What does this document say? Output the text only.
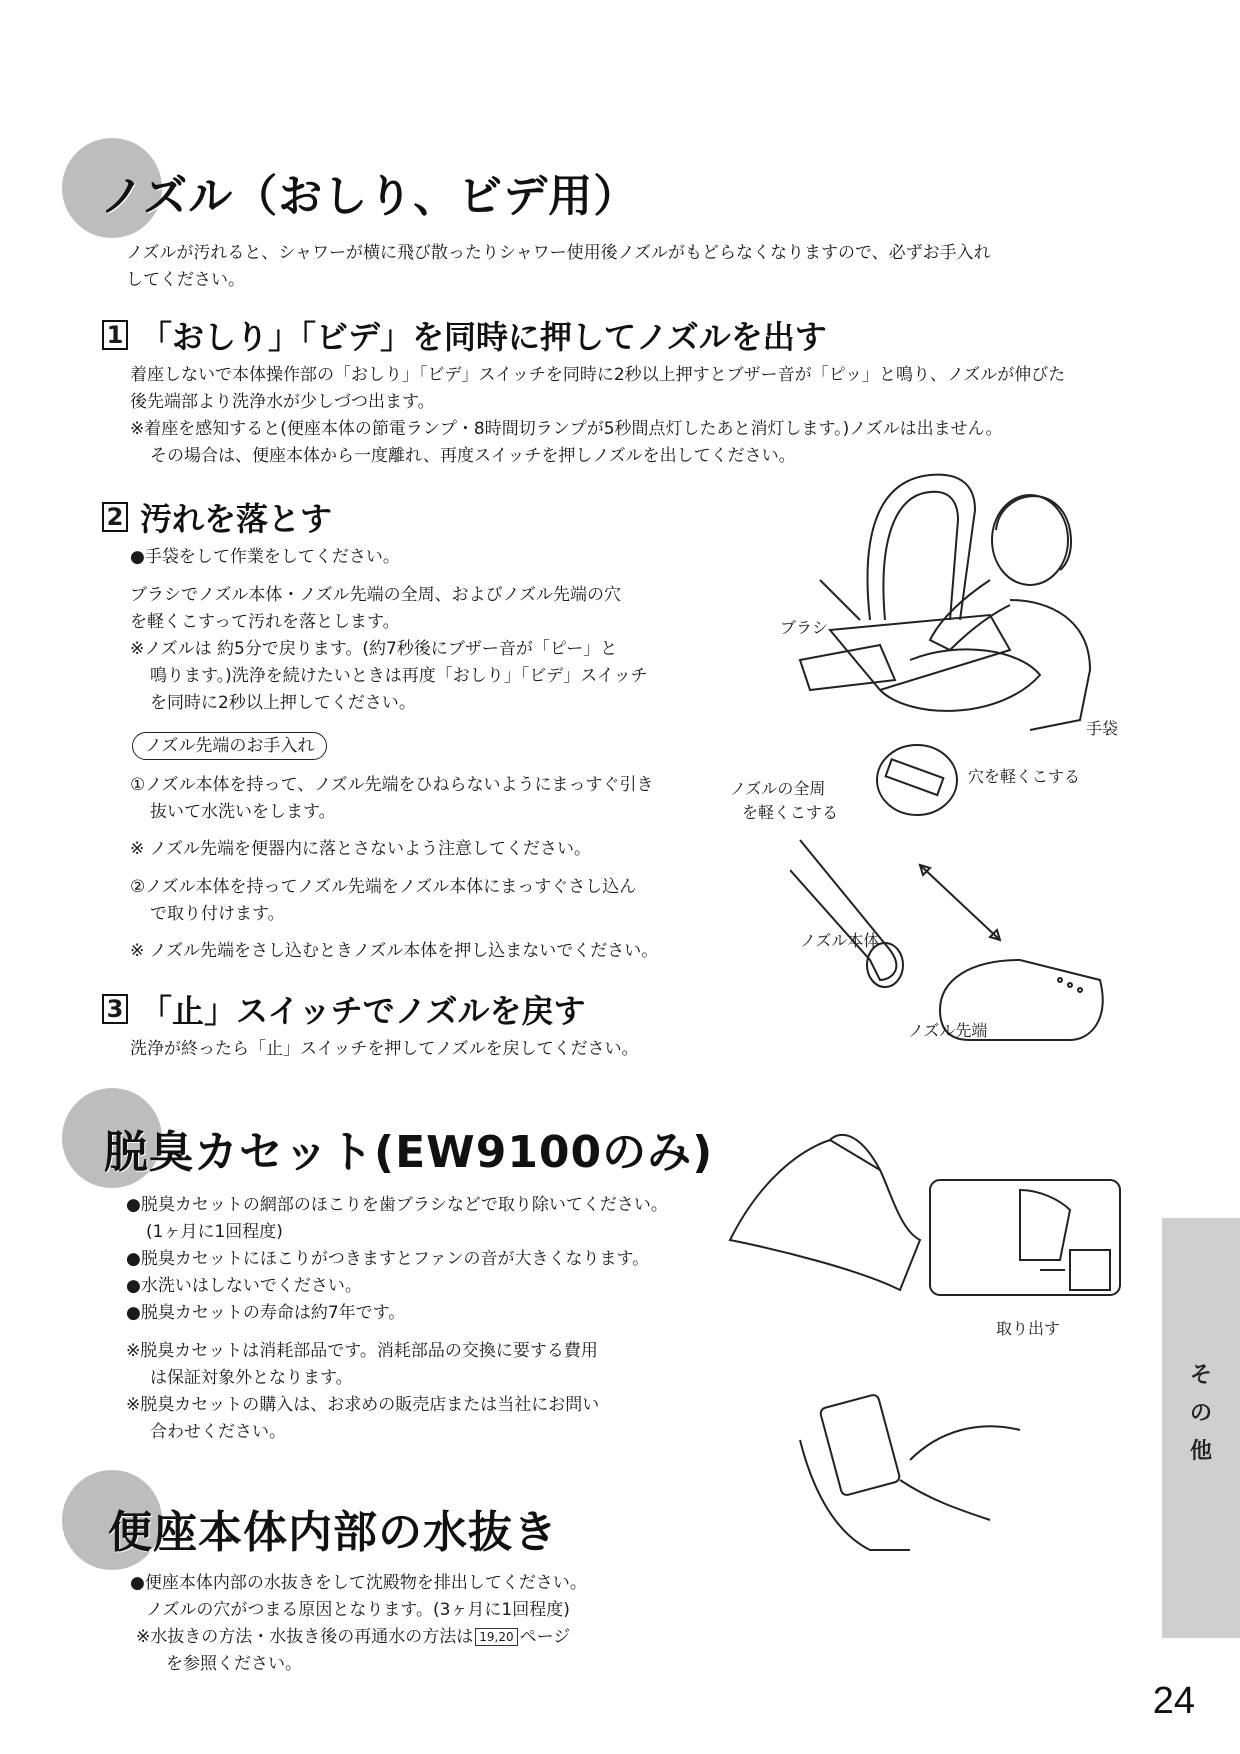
ノズル（おしり、ビデ用）
ノズルが汚れると、シャワーが横に飛び散ったりシャワー使用後ノズルがもどらなくなりますので、必ずお手入れ
してください。
1 「おしり」「ビデ」を同時に押してノズルを出す
着座しないで本体操作部の「おしり」「ビデ」スイッチを同時に2秒以上押すとブザー音が「ピッ」と鳴り、ノズルが伸びた
後先端部より洗浄水が少しづつ出ます。
※着座を感知すると(便座本体の節電ランプ・8時間切ランプが5秒間点灯したあと消灯します。)ノズルは出ません。
その場合は、便座本体から一度離れ、再度スイッチを押しノズルを出してください。
2 汚れを落とす
●手袋をして作業をしてください。
ブラシでノズル本体・ノズル先端の全周、およびノズル先端の穴
を軽くこすって汚れを落とします。
※ノズルは 約5分で戻ります。(約7秒後にブザー音が「ピー」と
鳴ります。)洗浄を続けたいときは再度「おしり」「ビデ」スイッチ
を同時に2秒以上押してください。
ノズル先端のお手入れ
①ノズル本体を持って、ノズル先端をひねらないようにまっすぐ引き
抜いて水洗いをします。
※ ノズル先端を便器内に落とさないよう注意してください。
②ノズル本体を持ってノズル先端をノズル本体にまっすぐさし込ん
で取り付けます。
※ ノズル先端をさし込むときノズル本体を押し込まないでください。
3 「止」スイッチでノズルを戻す
洗浄が終ったら「止」スイッチを押してノズルを戻してください。
ブラシ
手袋
穴を軽くこする
ノズルの全周
を軽くこする
ノズル本体
ノズル先端
脱臭カセット(EW9100のみ)
●脱臭カセットの網部のほこりを歯ブラシなどで取り除いてください。
(1ヶ月に1回程度)
●脱臭カセットにほこりがつきますとファンの音が大きくなります。
●水洗いはしないでください。
●脱臭カセットの寿命は約7年です。
※脱臭カセットは消耗部品です。消耗部品の交換に要する費用
は保証対象外となります。
※脱臭カセットの購入は、お求めの販売店または当社にお問い
合わせください。
取り出す
便座本体内部の水抜き
●便座本体内部の水抜きをして沈殿物を排出してください。
ノズルの穴がつまる原因となります。(3ヶ月に1回程度)
※水抜きの方法・水抜き後の再通水の方法は 19,20 ページ
を参照ください。
そ
の
他
24
